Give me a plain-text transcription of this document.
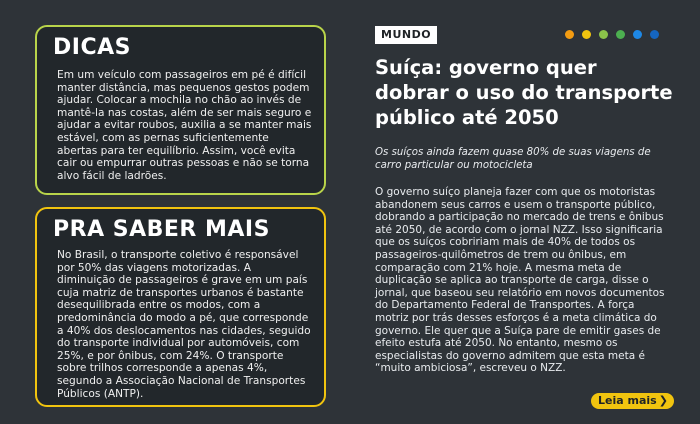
DICAS

Em um veículo com passageiros em pé é difícil manter distância, mas pequenos gestos podem ajudar. Colocar a mochila no chão ao invés de mantê-la nas costas, além de ser mais seguro e ajudar a evitar roubos, auxilia a se manter mais estável, com as pernas suficientemente abertas para ter equilíbrio. Assim, você evita cair ou empurrar outras pessoas e não se torna alvo fácil de ladrões.

PRA SABER MAIS

No Brasil, o transporte coletivo é responsável por 50% das viagens motorizadas. A diminuição de passageiros é grave em um país cuja matriz de transportes urbanos é bastante desequilibrada entre os modos, com a predominância do modo a pé, que corresponde a 40% dos deslocamentos nas cidades, seguido do transporte individual por automóveis, com 25%, e por ônibus, com 24%. O transporte sobre trilhos corresponde a apenas 4%, segundo a Associação Nacional de Transportes Públicos (ANTP).

MUNDO
Suíça: governo quer dobrar o uso do transporte público até 2050

Os suíços ainda fazem quase 80% de suas viagens de carro particular ou motocicleta

O governo suíço planeja fazer com que os motoristas abandonem seus carros e usem o transporte público, dobrando a participação no mercado de trens e ônibus até 2050, de acordo com o jornal NZZ. Isso significaria que os suíços cobririam mais de 40% de todos os passageiros-quilômetros de trem ou ônibus, em comparação com 21% hoje. A mesma meta de duplicação se aplica ao transporte de carga, disse o jornal, que baseou seu relatório em novos documentos do Departamento Federal de Transportes. A força motriz por trás desses esforços é a meta climática do governo. Ele quer que a Suíça pare de emitir gases de efeito estufa até 2050. No entanto, mesmo os especialistas do governo admitem que esta meta é “muito ambiciosa”, escreveu o NZZ.

Leia mais ❯
